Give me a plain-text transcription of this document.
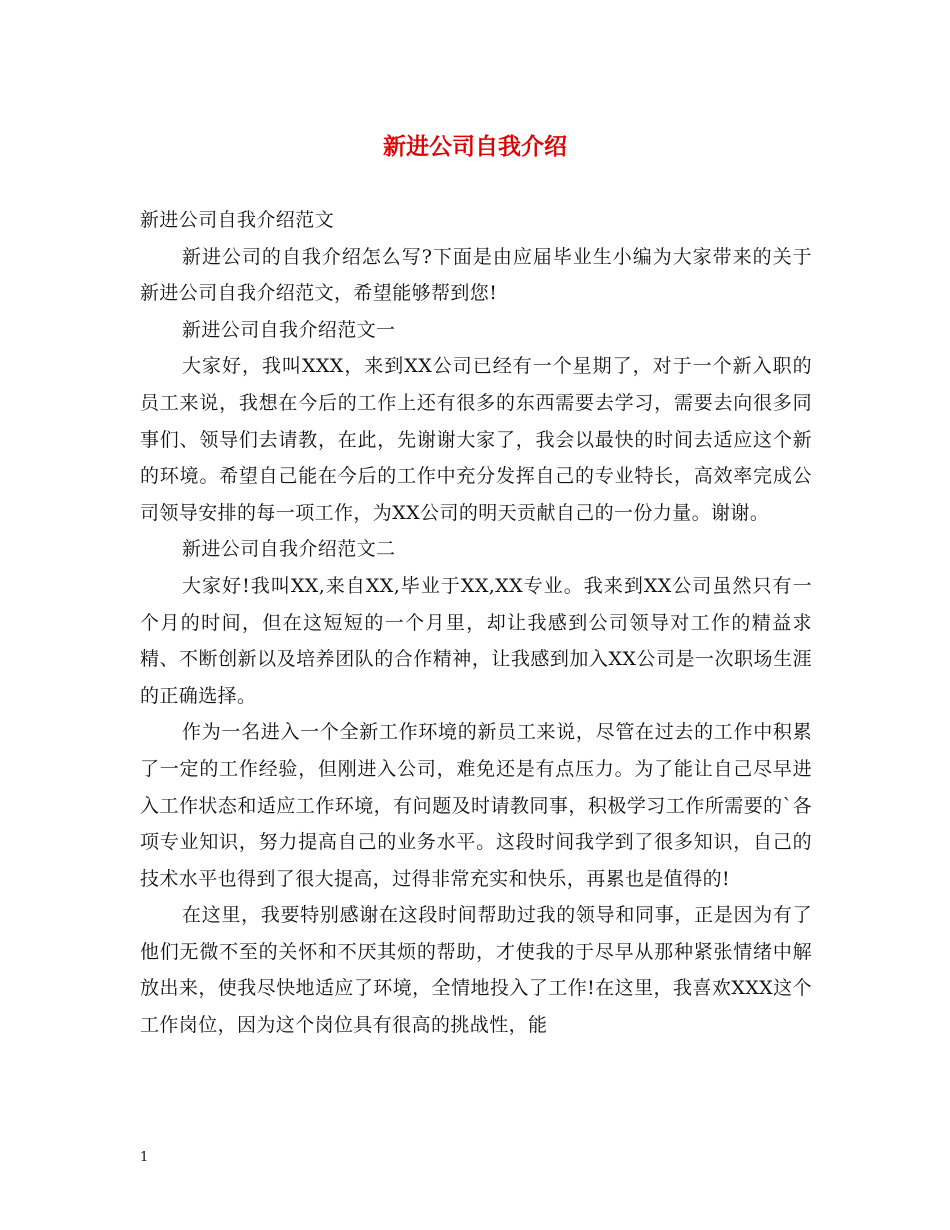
新进公司自我介绍

新进公司自我介绍范文

新进公司的自我介绍怎么写?下面是由应届毕业生小编为大家带来的关于新进公司自我介绍范文，希望能够帮到您!

新进公司自我介绍范文一

大家好，我叫XXX，来到XX公司已经有一个星期了，对于一个新入职的员工来说，我想在今后的工作上还有很多的东西需要去学习，需要去向很多同事们、领导们去请教，在此，先谢谢大家了，我会以最快的时间去适应这个新的环境。希望自己能在今后的工作中充分发挥自己的专业特长，高效率完成公司领导安排的每一项工作，为XX公司的明天贡献自己的一份力量。谢谢。

新进公司自我介绍范文二

大家好!我叫XX,来自XX,毕业于XX,XX专业。我来到XX公司虽然只有一个月的时间，但在这短短的一个月里，却让我感到公司领导对工作的精益求精、不断创新以及培养团队的合作精神，让我感到加入XX公司是一次职场生涯的正确选择。

作为一名进入一个全新工作环境的新员工来说，尽管在过去的工作中积累了一定的工作经验，但刚进入公司，难免还是有点压力。为了能让自己尽早进入工作状态和适应工作环境，有问题及时请教同事，积极学习工作所需要的`各项专业知识，努力提高自己的业务水平。这段时间我学到了很多知识，自己的技术水平也得到了很大提高，过得非常充实和快乐，再累也是值得的!

在这里，我要特别感谢在这段时间帮助过我的领导和同事，正是因为有了他们无微不至的关怀和不厌其烦的帮助，才使我的于尽早从那种紧张情绪中解放出来，使我尽快地适应了环境，全情地投入了工作!在这里，我喜欢XXX这个工作岗位，因为这个岗位具有很高的挑战性，能

1
